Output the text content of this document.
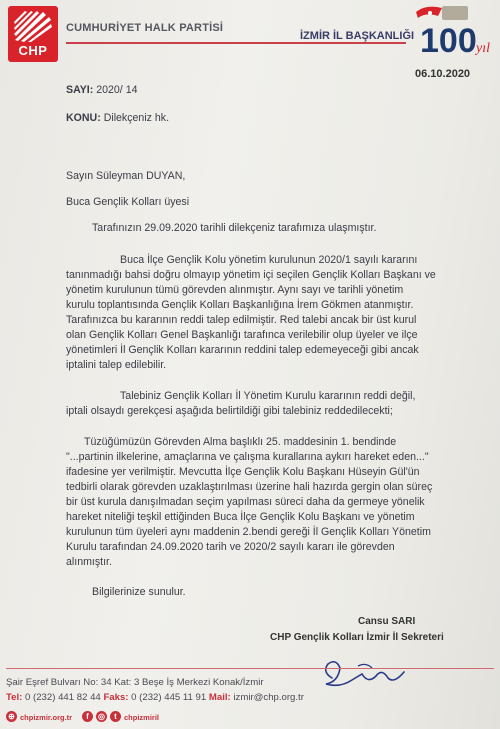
CHP
CUMHURİYET HALK PARTİSİ
İZMİR İL BAŞKANLIĞI 100 yıl
06.10.2020
SAYI: 2020/ 14
KONU: Dilekçeniz hk.
Sayın Süleyman DUYAN,
Buca Gençlik Kolları üyesi
Tarafınızın 29.09.2020 tarihli dilekçeniz tarafımıza ulaşmıştır.
Buca İlçe Gençlik Kolu yönetim kurulunun 2020/1 sayılı kararını
tanınmadığı bahsi doğru olmayıp yönetim içi seçilen Gençlik Kolları Başkanı ve
yönetim kurulunun tümü görevden alınmıştır. Aynı sayı ve tarihli yönetim
kurulu toplantısında Gençlik Kolları Başkanlığına İrem Gökmen atanmıştır.
Tarafınızca bu kararının reddi talep edilmiştir. Red talebi ancak bir üst kurul
olan Gençlik Kolları Genel Başkanlığı tarafınca verilebilir olup üyeler ve ilçe
yönetimleri İl Gençlik Kolları kararının reddini talep edemeyeceği gibi ancak
iptalini talep edilebilir.
Talebiniz Gençlik Kolları İl Yönetim Kurulu kararının reddi değil,
iptali olsaydı gerekçesi aşağıda belirtildiği gibi talebiniz reddedilecekti;
Tüzüğümüzün Görevden Alma başlıklı 25. maddesinin 1. bendinde
"...partinin ilkelerine, amaçlarına ve çalışma kurallarına aykırı hareket eden..."
ifadesine yer verilmiştir. Mevcutta İlçe Gençlik Kolu Başkanı Hüseyin Gül'ün
tedbirli olarak görevden uzaklaştırılması üzerine hali hazırda gergin olan süreç
bir üst kurula danışılmadan seçim yapılması süreci daha da germeye yönelik
hareket niteliği teşkil ettiğinden Buca İlçe Gençlik Kolu Başkanı ve yönetim
kurulunun tüm üyeleri aynı maddenin 2.bendi gereği İl Gençlik Kolları Yönetim
Kurulu tarafından 24.09.2020 tarih ve 2020/2 sayılı kararı ile görevden
alınmıştır.
Bilgilerinize sunulur.
Cansu SARI
CHP Gençlik Kolları İzmir İl Sekreteri
Şair Eşref Bulvarı No: 34 Kat: 3 Beşe İş Merkezi Konak/İzmir
Tel: 0 (232) 441 82 44 Faks: 0 (232) 445 11 91 Mail: izmir@chp.org.tr
⊕ chpizmir.org.tr	f	◎	t chpizmiril
